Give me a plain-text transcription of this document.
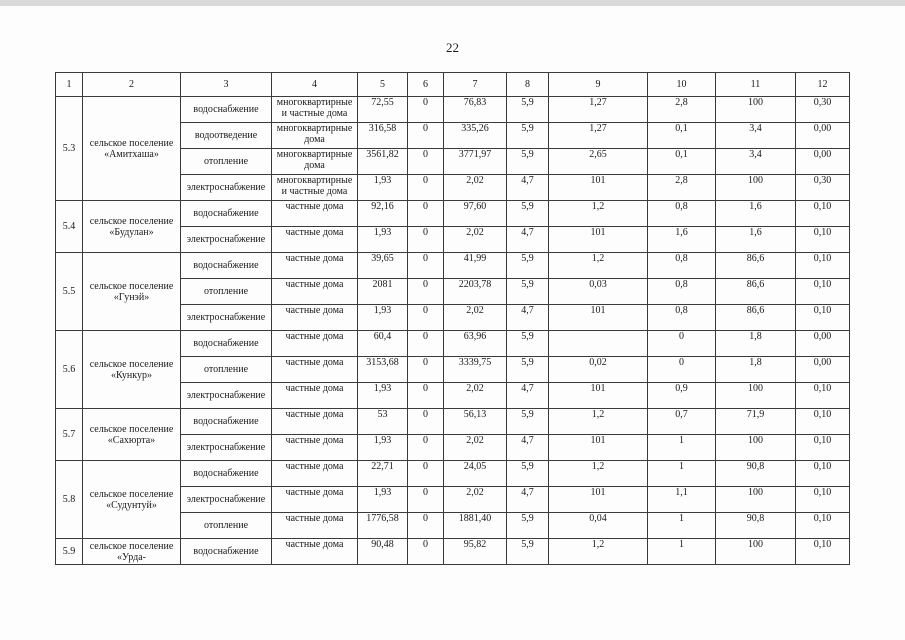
22
1	2	3	4	5	6	7	8	9	10	11	12
5.3	сельское поселение «Амитхаша»	водоснабжение	многоквартирные и частные дома	72,55	0	76,83	5,9	1,27	2,8	100	0,30
		водоотведение	многоквартирные дома	316,58	0	335,26	5,9	1,27	0,1	3,4	0,00
		отопление	многоквартирные дома	3561,82	0	3771,97	5,9	2,65	0,1	3,4	0,00
		электроснабжение	многоквартирные и частные дома	1,93	0	2,02	4,7	101	2,8	100	0,30
5.4	сельское поселение «Будулан»	водоснабжение	частные дома	92,16	0	97,60	5,9	1,2	0,8	1,6	0,10
		электроснабжение	частные дома	1,93	0	2,02	4,7	101	1,6	1,6	0,10
5.5	сельское поселение «Гунэй»	водоснабжение	частные дома	39,65	0	41,99	5,9	1,2	0,8	86,6	0,10
		отопление	частные дома	2081	0	2203,78	5,9	0,03	0,8	86,6	0,10
		электроснабжение	частные дома	1,93	0	2,02	4,7	101	0,8	86,6	0,10
5.6	сельское поселение «Кункур»	водоснабжение	частные дома	60,4	0	63,96	5,9		0	1,8	0,00
		отопление	частные дома	3153,68	0	3339,75	5,9	0,02	0	1,8	0,00
		электроснабжение	частные дома	1,93	0	2,02	4,7	101	0,9	100	0,10
5.7	сельское поселение «Сахюрта»	водоснабжение	частные дома	53	0	56,13	5,9	1,2	0,7	71,9	0,10
		электроснабжение	частные дома	1,93	0	2,02	4,7	101	1	100	0,10
5.8	сельское поселение «Судунтуй»	водоснабжение	частные дома	22,71	0	24,05	5,9	1,2	1	90,8	0,10
		электроснабжение	частные дома	1,93	0	2,02	4,7	101	1,1	100	0,10
		отопление	частные дома	1776,58	0	1881,40	5,9	0,04	1	90,8	0,10
5.9	сельское поселение «Урда-	водоснабжение	частные дома	90,48	0	95,82	5,9	1,2	1	100	0,10
